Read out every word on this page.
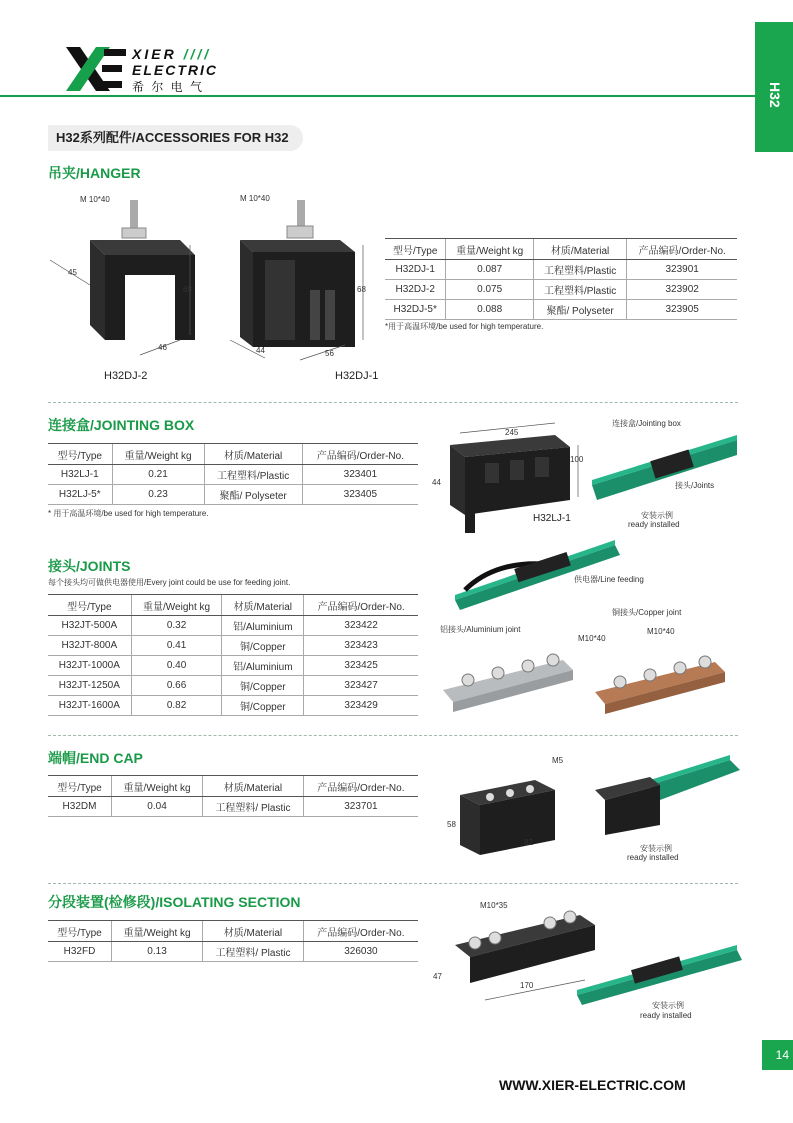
XIER ////
ELECTRIC
希 尔 电 气	H32
H32系列配件/ACCESSORIES FOR H32
吊夹/HANGER
M 10*40
45
68
46
H32DJ-2
M 10*40
68
44	56
H32DJ-1
型号/Type	重量/Weight kg	材质/Material	产品编码/Order-No.
H32DJ-1	0.087	工程塑料/Plastic	323901
H32DJ-2	0.075	工程塑料/Plastic	323902
H32DJ-5*	0.088	聚酯/ Polyseter	323905
*用于高温环境/be used for high temperature.
连接盒/JOINTING BOX
型号/Type	重量/Weight kg	材质/Material	产品编码/Order-No.
H32LJ-1	0.21	工程塑料/Plastic	323401
H32LJ-5*	0.23	聚酯/ Polyseter	323405
* 用于高温环境/be used for high temperature.
245
100
44
H32LJ-1
连接盒/Jointing box
接头/Joints
安装示例
ready installed
接头/JOINTS
每个接头均可做供电器使用/Every joint could be use for feeding joint.
型号/Type	重量/Weight kg	材质/Material	产品编码/Order-No.
H32JT-500A	0.32	铝/Aluminium	323422
H32JT-800A	0.41	铜/Copper	323423
H32JT-1000A	0.40	铝/Aluminium	323425
H32JT-1250A	0.66	铜/Copper	323427
H32JT-1600A	0.82	铜/Copper	323429
供电器/Line feeding
铜接头/Copper joint
铝接头/Aluminium joint
M10*40
M10*40
端帽/END CAP
型号/Type	重量/Weight kg	材质/Material	产品编码/Order-No.
H32DM	0.04	工程塑料/ Plastic	323701
M5
58
82
安装示例
ready installed
分段装置(检修段)/ISOLATING SECTION
型号/Type	重量/Weight kg	材质/Material	产品编码/Order-No.
H32FD	0.13	工程塑料/ Plastic	326030
M10*35
47
170
安装示例
ready installed
14
WWW.XIER-ELECTRIC.COM
